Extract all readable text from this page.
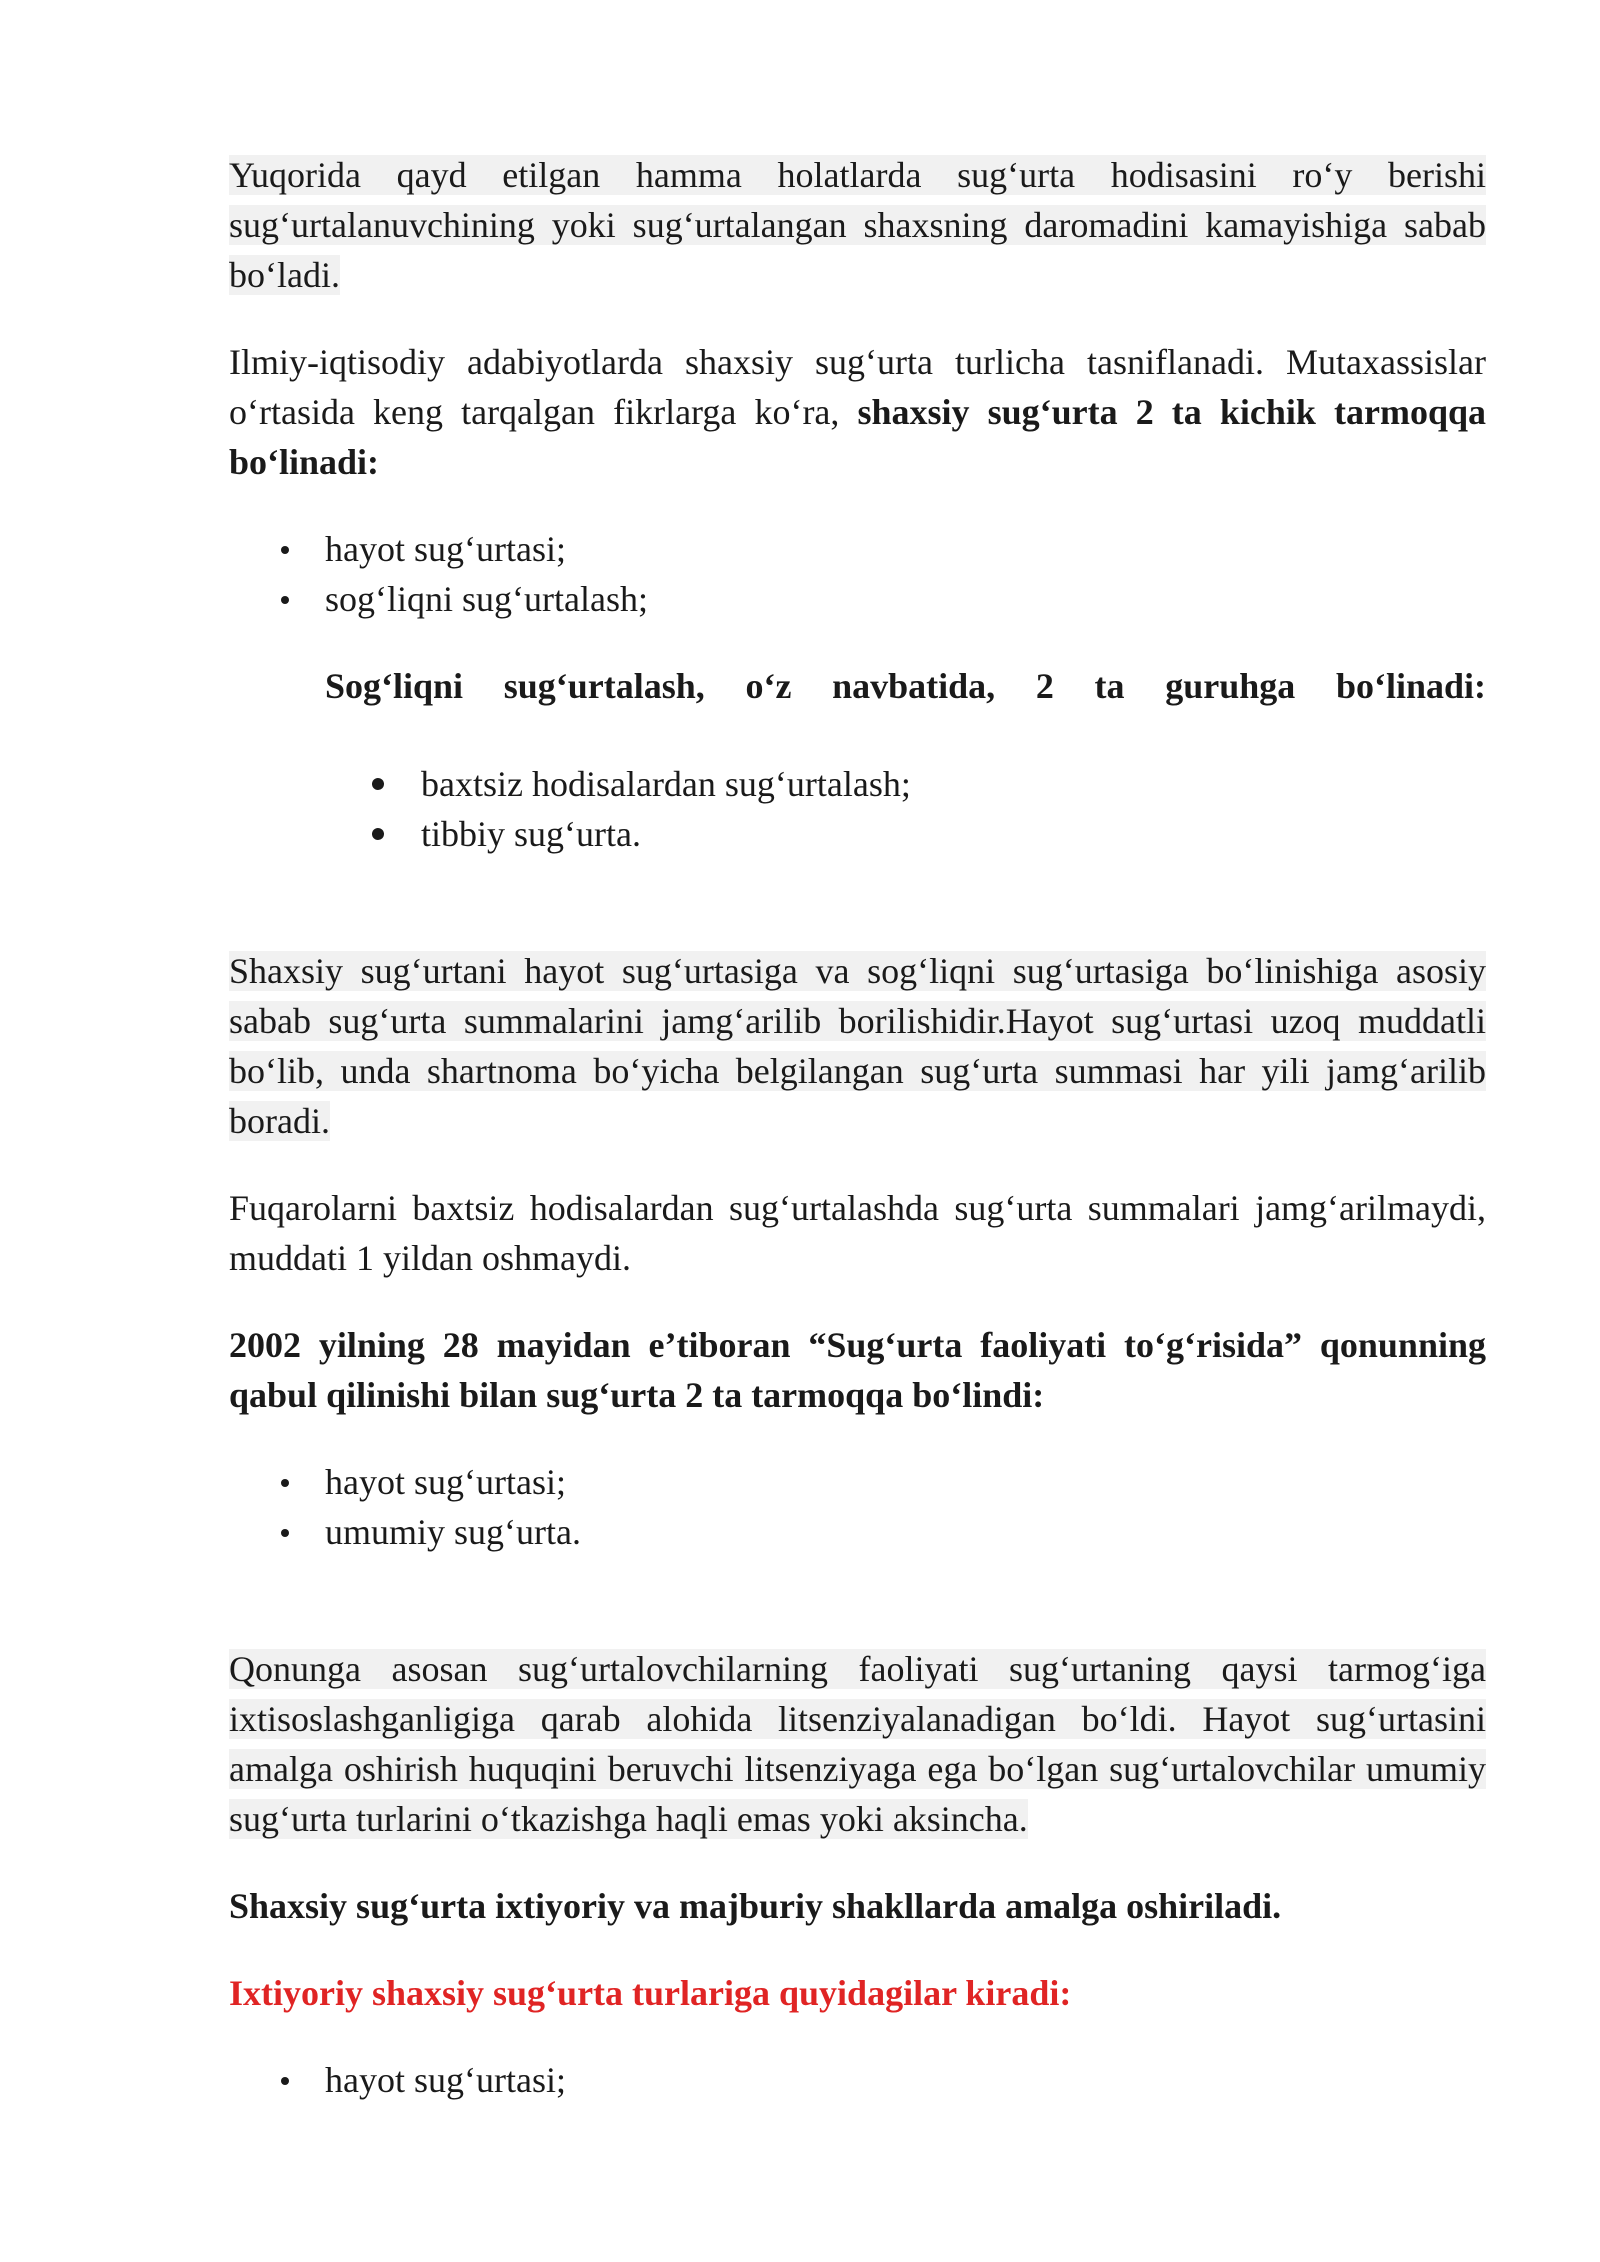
Yuqorida qayd etilgan hamma holatlarda sug‘urta hodisasini ro‘y berishi sug‘urtalanuvchining yoki sug‘urtalangan shaxsning daromadini kamayishiga sabab bo‘ladi.

Ilmiy-iqtisodiy adabiyotlarda shaxsiy sug‘urta turlicha tasniflanadi. Mutaxassislar o‘rtasida keng tarqalgan fikrlarga ko‘ra, shaxsiy sug‘urta 2 ta kichik tarmoqqa bo‘linadi:

hayot sug‘urtasi;
sog‘liqni sug‘urtalash;
Sog‘liqni sug‘urtalash, o‘z navbatida, 2 ta guruhga bo‘linadi:
baxtsiz hodisalardan sug‘urtalash;
tibbiy sug‘urta.

Shaxsiy sug‘urtani hayot sug‘urtasiga va sog‘liqni sug‘urtasiga bo‘linishiga asosiy sabab sug‘urta summalarini jamg‘arilib borilishidir.Hayot sug‘urtasi uzoq muddatli bo‘lib, unda shartnoma bo‘yicha belgilangan sug‘urta summasi har yili jamg‘arilib boradi.

Fuqarolarni baxtsiz hodisalardan sug‘urtalashda sug‘urta summalari jamg‘arilmaydi, muddati 1 yildan oshmaydi.

2002 yilning 28 mayidan e’tiboran “Sug‘urta faoliyati to‘g‘risida” qonunning qabul qilinishi bilan sug‘urta 2 ta tarmoqqa bo‘lindi:

hayot sug‘urtasi;
umumiy sug‘urta.

Qonunga asosan sug‘urtalovchilarning faoliyati sug‘urtaning qaysi tarmog‘iga ixtisoslashganligiga qarab alohida litsenziyalanadigan bo‘ldi. Hayot sug‘urtasini amalga oshirish huquqini beruvchi litsenziyaga ega bo‘lgan sug‘urtalovchilar umumiy sug‘urta turlarini o‘tkazishga haqli emas yoki aksincha.

Shaxsiy sug‘urta ixtiyoriy va majburiy shakllarda amalga oshiriladi.

Ixtiyoriy shaxsiy sug‘urta turlariga quyidagilar kiradi:

hayot sug‘urtasi;
